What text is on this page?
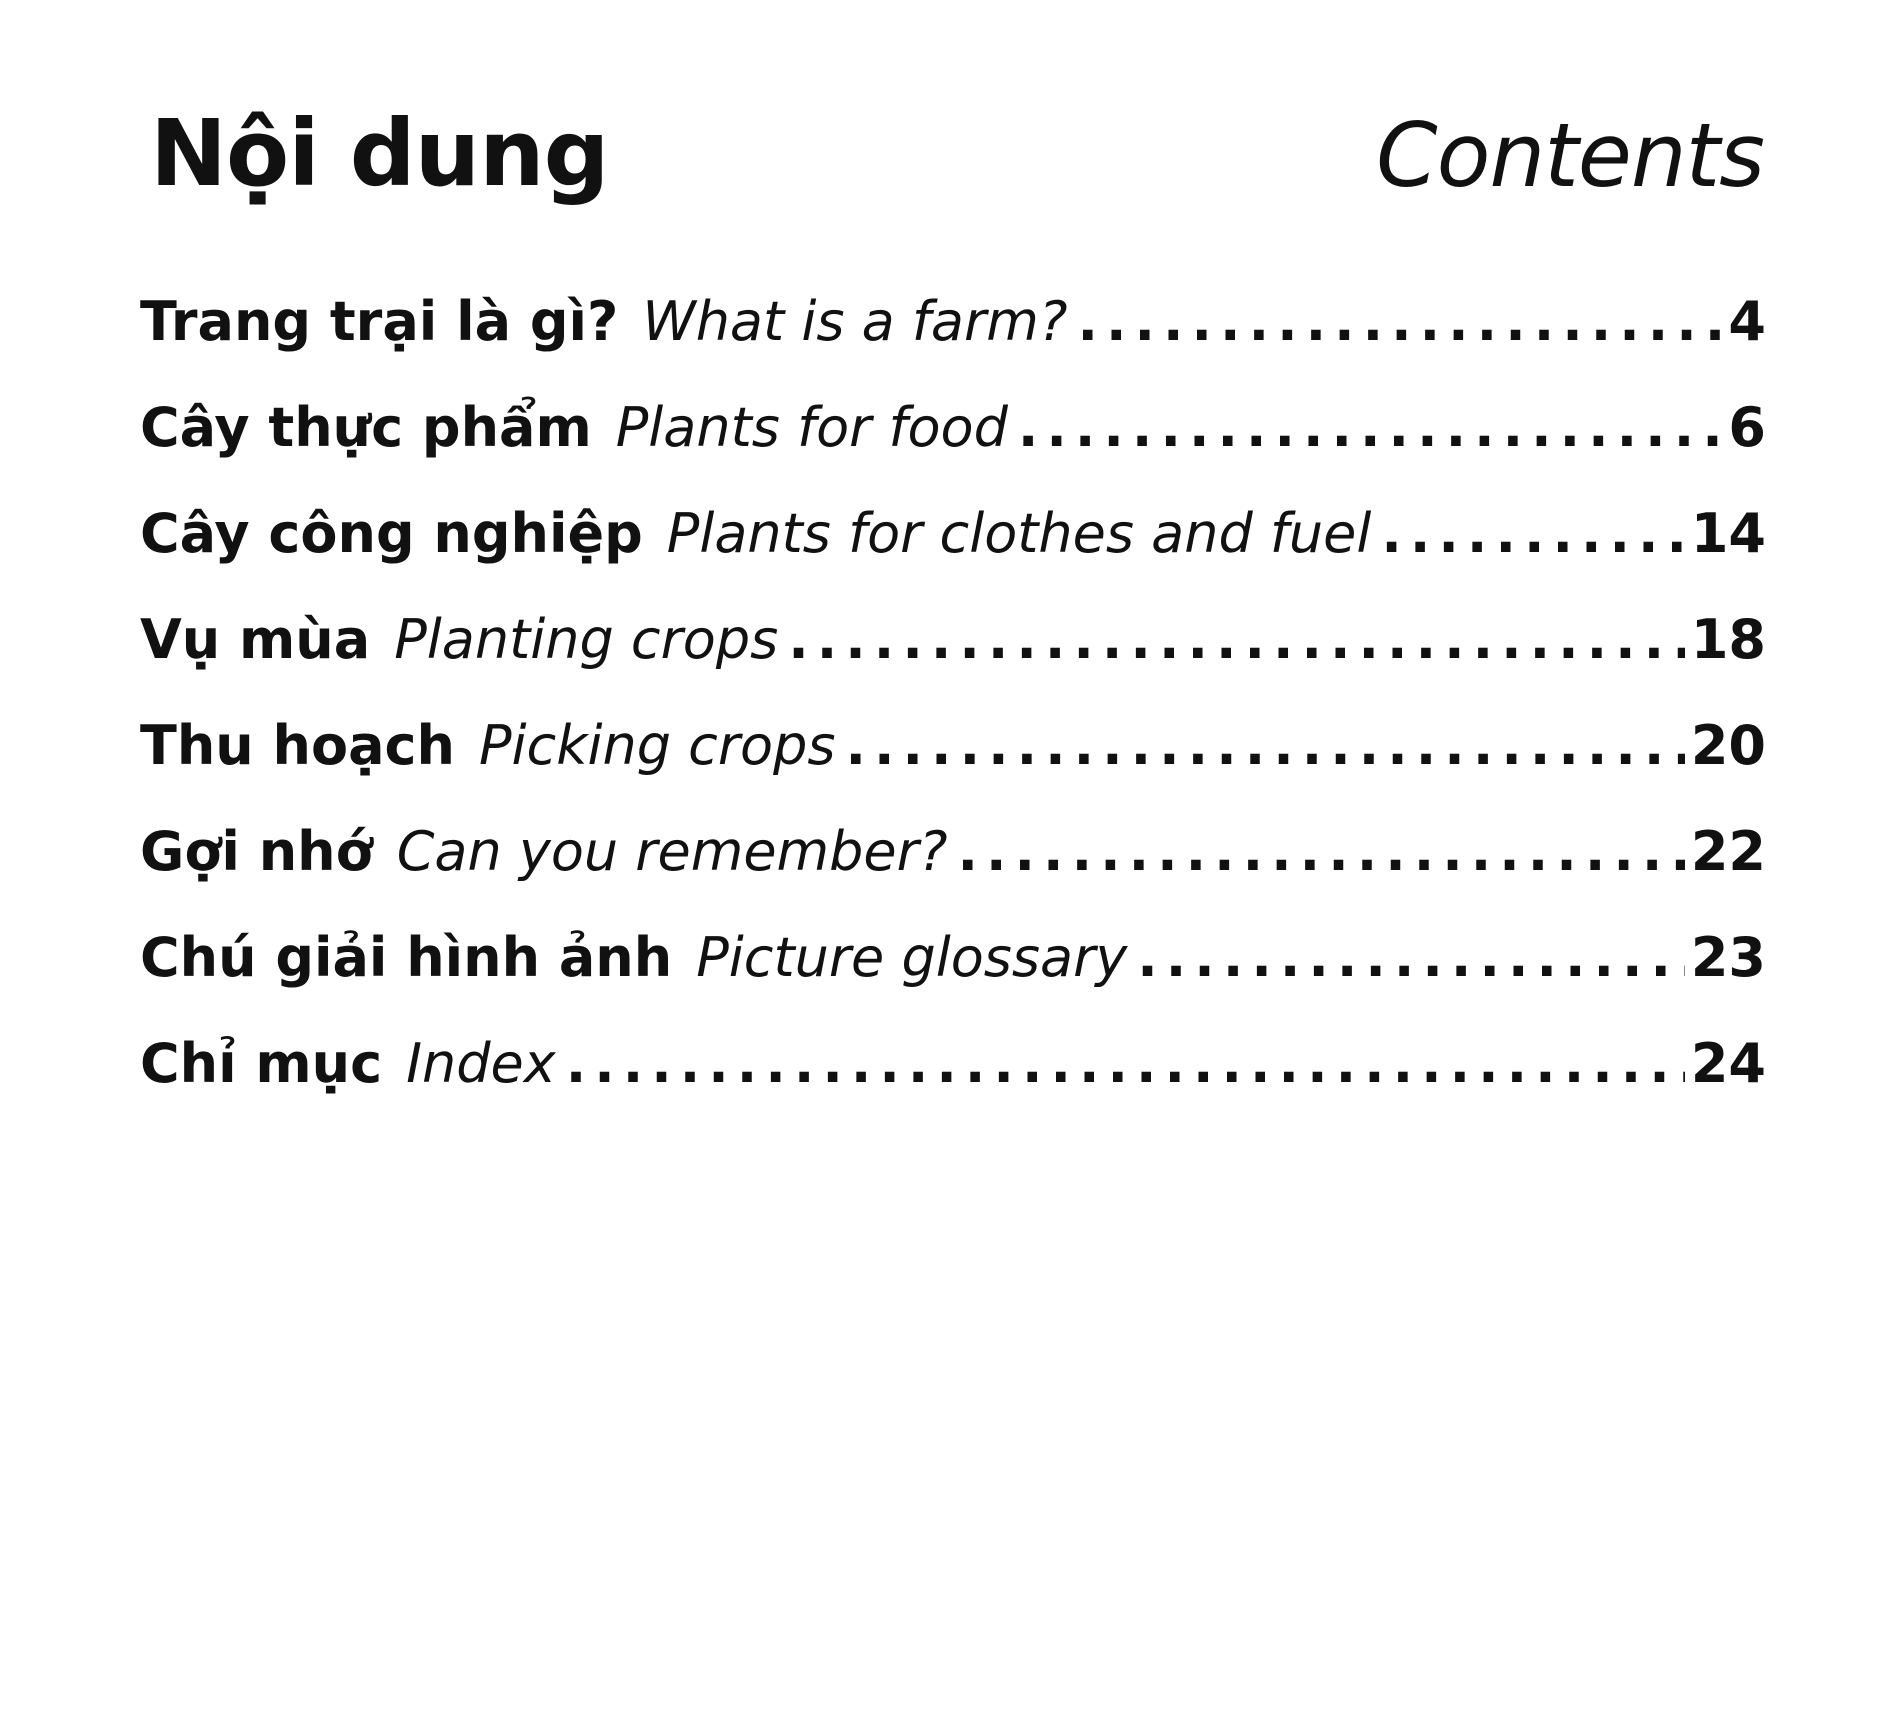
Nội dung	Contents
Trang trại là gì? What is a farm? .....	4
Cây thực phẩm Plants for food .....	6
Cây công nghiệp Plants for clothes and fuel .....	14
Vụ mùa Planting crops .....	18
Thu hoạch Picking crops .....	20
Gợi nhớ Can you remember? .....	22
Chú giải hình ảnh Picture glossary .....	23
Chỉ mục Index .....	24
